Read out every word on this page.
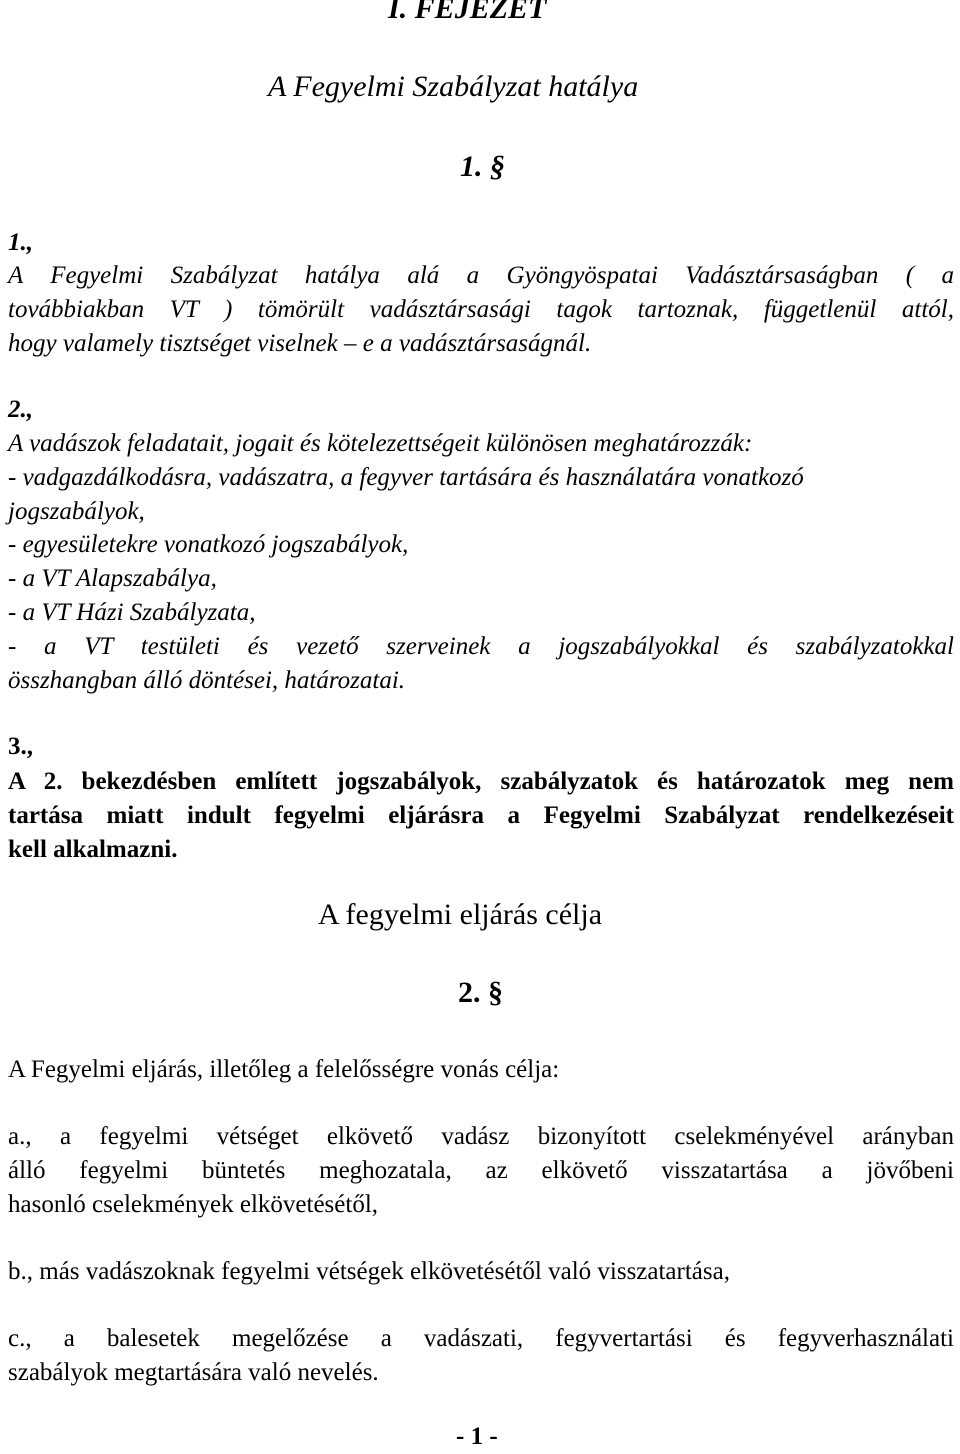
I. FEJEZET
A Fegyelmi Szabályzat hatálya
1. §
1.,
A Fegyelmi Szabályzat hatálya alá a Gyöngyöspatai Vadásztársaságban ( a
továbbiakban VT ) tömörült vadásztársasági tagok tartoznak, függetlenül attól,
hogy valamely tisztséget viselnek – e a vadásztársaságnál.
2.,
A vadászok feladatait, jogait és kötelezettségeit különösen meghatározzák:
- vadgazdálkodásra, vadászatra, a fegyver tartására és használatára vonatkozó
jogszabályok,
- egyesületekre vonatkozó jogszabályok,
- a VT Alapszabálya,
- a VT Házi Szabályzata,
- a VT testületi és vezető szerveinek a jogszabályokkal és szabályzatokkal
összhangban álló döntései, határozatai.
3.,
A 2. bekezdésben említett jogszabályok, szabályzatok és határozatok meg nem
tartása miatt indult fegyelmi eljárásra a Fegyelmi Szabályzat rendelkezéseit
kell alkalmazni.
A fegyelmi eljárás célja
2. §
A Fegyelmi eljárás, illetőleg a felelősségre vonás célja:
a., a fegyelmi vétséget elkövető vadász bizonyított cselekményével arányban
álló fegyelmi büntetés meghozatala, az elkövető visszatartása a jövőbeni
hasonló cselekmények elkövetésétől,
b., más vadászoknak fegyelmi vétségek elkövetésétől való visszatartása,
c., a balesetek megelőzése a vadászati, fegyvertartási és fegyverhasználati
szabályok megtartására való nevelés.
- 1 -
